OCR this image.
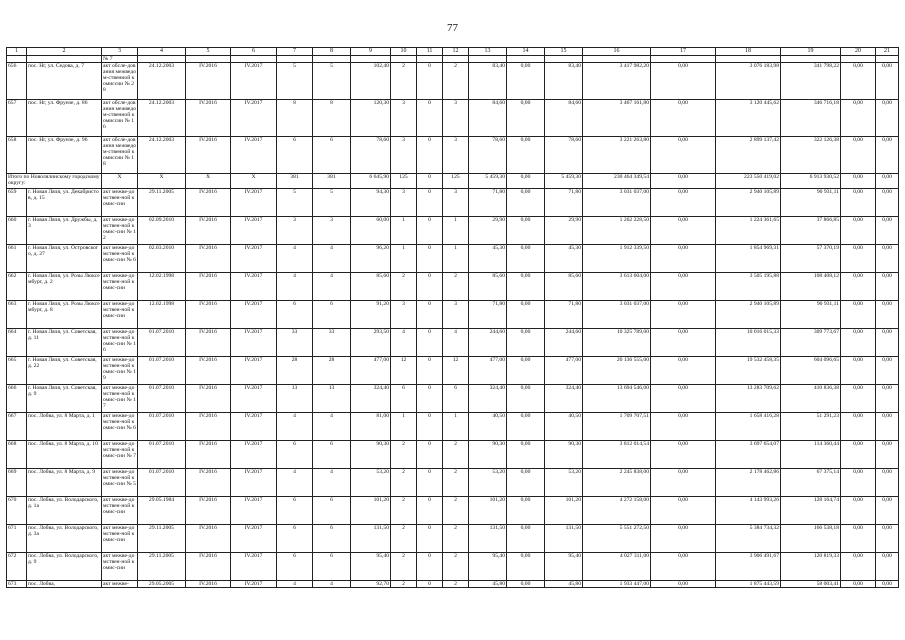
77
1	2	3	4	5	6	7	8	9	10	11	12	13	14	15	16	17	18	19	20	21
		№ 7																		
656	пос. Нг, ул. Седова, д. 7	акт обсле-дования межведом-ственной комиссии № 28	24.12.2003	IV.2016	IV.2017	5	5	102,40	2	0	2	83,40	0,00	83,40	3 417 982,20	0,00	3 076 183,98	341 798,22	0,00	0,00
657	пос. Нг, ул. Фрунзе, д. 86	акт обсле-дования межведом-ственной комиссии № 16	24.12.2003	IV.2016	IV.2017	8	8	120,30	3	0	3	84,60	0,00	84,60	3 467 161,80	0,00	3 120 445,62	346 716,18	0,00	0,00
658	пос. Нг, ул. Фрунзе, д. 96	акт обсле-дования межведом-ственной комиссии № 18	24.12.2003	IV.2016	IV.2017	6	6	78,60	3	0	3	78,60	0,00	78,60	3 221 263,80	0,00	2 899 137,42	322 126,38	0,00	0,00
Итого по Новолялинскому городскому округу:		X	X	X	X	381	381	6 645,90	125	0	125	5 459,30	0,00	5 459,30	230 464 349,54	0,00	223 550 419,02	6 913 930,52	0,00	0,00
659	г. Новая Ляля, ул. Декабристов, д. 15	акт межве-домствен-ной комис-сии	29.11.2005	IV.2016	IV.2017	5	5	94,30	3	0	3	71,80	0,00	71,80	3 031 037,00	0,00	2 940 105,89	90 931,11	0,00	0,00
660	г. Новая Ляля, ул. Дружбы, д. 3	акт межве-домствен-ной комис-сии № 12	02.09.2010	IV.2016	IV.2017	3	3	60,00	1	0	1	29,90	0,00	29,90	1 262 228,50	0,00	1 224 361,65	37 866,85	0,00	0,00
661	г. Новая Ляля, ул. Островского, д. 27	акт межве-домствен-ной комис-сии № 6	02.03.2010	IV.2016	IV.2017	4	4	96,20	1	0	1	45,30	0,00	45,30	1 912 339,50	0,00	1 854 969,31	57 370,19	0,00	0,00
662	г. Новая Ляля, ул. Розы Люксембург, д. 2	акт межве-домствен-ной комис-сии	12.02.1998	IV.2016	IV.2017	4	4	85,60	2	0	2	85,60	0,00	85,60	3 613 604,00	0,00	3 505 195,88	108 408,12	0,00	0,00
663	г. Новая Ляля, ул. Розы Люксембург, д. 8	акт межве-домствен-ной комис-сии	12.02.1998	IV.2016	IV.2017	6	6	91,20	3	0	3	71,80	0,00	71,80	3 031 037,00	0,00	2 940 105,89	90 931,11	0,00	0,00
664	г. Новая Ляля, ул. Советская, д. 11	акт межве-домствен-ной комис-сии № 16	01.07.2010	IV.2016	IV.2017	33	33	293,50	4	0	4	244,60	0,00	244,60	10 325 789,00	0,00	10 016 015,33	309 773,67	0,00	0,00
665	г. Новая Ляля, ул. Советская, д. 22	акт межве-домствен-ной комис-сии № 19	01.07.2010	IV.2016	IV.2017	28	28	477,00	12	0	12	477,00	0,00	477,00	20 136 555,00	0,00	19 532 458,35	604 096,65	0,00	0,00
666	г. Новая Ляля, ул. Советская, д. 9	акт межве-домствен-ной комис-сии № 17	01.07.2010	IV.2016	IV.2017	13	13	324,40	6	0	6	324,40	0,00	324,40	13 694 546,00	0,00	13 283 709,62	410 836,38	0,00	0,00
667	пос. Лобва, ул. 8 Марта, д. 1	акт межве-домствен-ной комис-сии № 6	01.07.2010	IV.2016	IV.2017	4	4	81,00	1	0	1	40,50	0,00	40,50	1 709 707,51	0,00	1 658 416,28	51 291,23	0,00	0,00
668	пос. Лобва, ул. 8 Марта, д. 10	акт межве-домствен-ной комис-сии № 7	01.07.2010	IV.2016	IV.2017	6	6	90,30	2	0	2	90,30	0,00	90,30	3 812 014,54	0,00	3 697 654,07	114 360,44	0,00	0,00
669	пос. Лобва, ул. 8 Марта, д. 9	акт межве-домствен-ной комис-сии № 5	01.07.2010	IV.2016	IV.2017	4	4	53,20	2	0	2	53,20	0,00	53,20	2 245 838,00	0,00	2 178 462,86	67 375,14	0,00	0,00
670	пос. Лобва, ул. Володарского, д. 1а	акт межве-домствен-ной комис-сии	29.05.1984	IV.2016	IV.2017	6	6	101,20	2	0	2	101,20	0,00	101,20	4 272 158,00	0,00	4 143 993,26	128 164,74	0,00	0,00
671	пос. Лобва, ул. Володарского, д. 3а	акт межве-домствен-ной комис-сии	29.11.2005	IV.2016	IV.2017	6	6	131,50	2	0	2	131,50	0,00	131,50	5 551 272,50	0,00	5 384 734,32	166 538,18	0,00	0,00
672	пос. Лобва, ул. Володарского, д. 9	акт межве-домствен-ной комис-сии	29.11.2005	IV.2016	IV.2017	6	6	95,40	2	0	2	95,40	0,00	95,40	4 027 311,00	0,00	3 906 491,67	120 819,33	0,00	0,00
673	пос. Лобва,	акт межве-	29.05.2005	IV.2016	IV.2017	4	4	92,70	2	0	2	45,80	0,00	45,80	1 933 447,00	0,00	1 875 443,59	58 003,41	0,00	0,00
